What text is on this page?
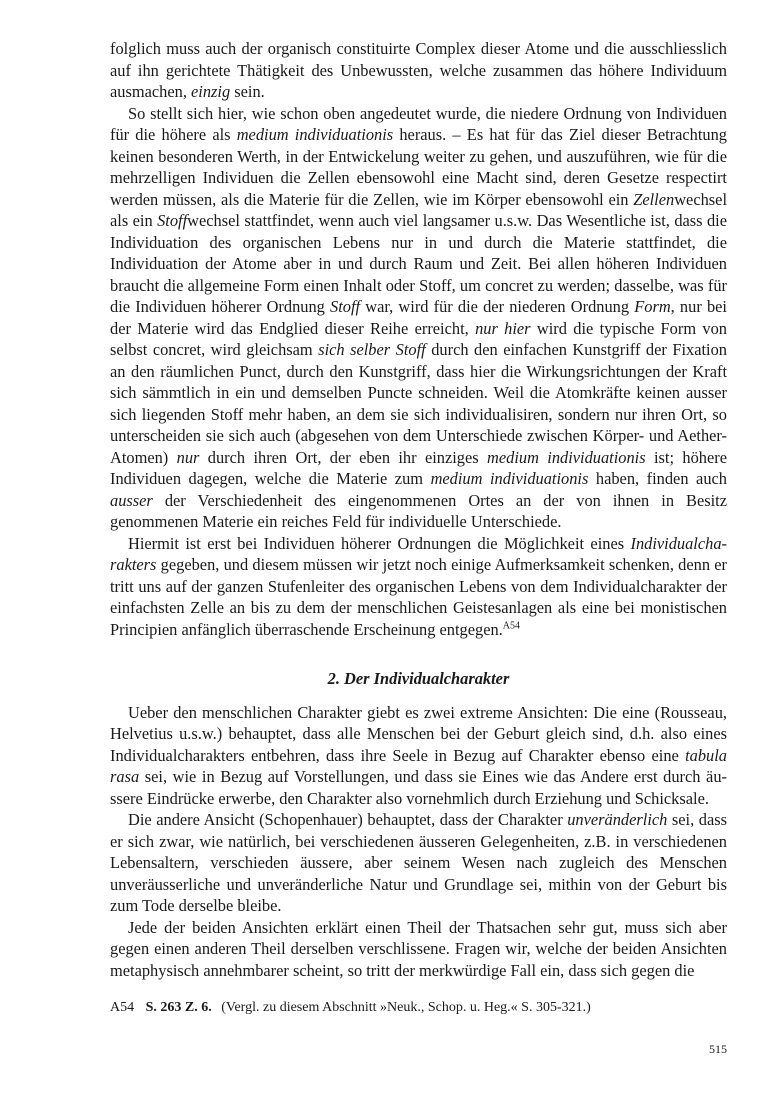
folglich muss auch der organisch constituirte Complex dieser Atome und die ausschliesslich auf ihn gerichtete Thätigkeit des Unbewussten, welche zusammen das höhere Individuum ausmachen, einzig sein.

So stellt sich hier, wie schon oben angedeutet wurde, die niedere Ordnung von Individuen für die höhere als medium individuationis heraus. – Es hat für das Ziel dieser Betrachtung keinen besonderen Werth, in der Entwickelung weiter zu gehen, und auszuführen, wie für die mehrzelligen Individuen die Zellen ebensowohl eine Macht sind, deren Gesetze respectirt werden müssen, als die Materie für die Zellen, wie im Körper ebensowohl ein Zellenwechsel als ein Stoffwechsel stattfindet, wenn auch viel langsamer u.s.w. Das Wesentliche ist, dass die Individuation des organischen Lebens nur in und durch die Materie stattfindet, die Individuation der Atome aber in und durch Raum und Zeit. Bei allen höheren Individuen braucht die allgemeine Form einen Inhalt oder Stoff, um concret zu werden; dasselbe, was für die Individuen höherer Ordnung Stoff war, wird für die der niederen Ordnung Form, nur bei der Materie wird das Endglied dieser Reihe erreicht, nur hier wird die typische Form von selbst concret, wird gleichsam sich selber Stoff durch den einfachen Kunstgriff der Fixation an den räumlichen Punct, durch den Kunstgriff, dass hier die Wirkungsrichtungen der Kraft sich sämmtlich in ein und demselben Puncte schneiden. Weil die Atomkräfte keinen ausser sich liegenden Stoff mehr haben, an dem sie sich individualisiren, sondern nur ihren Ort, so unterscheiden sie sich auch (abgesehen von dem Unterschiede zwischen Körper- und Aether-Atomen) nur durch ihren Ort, der eben ihr einziges medium individuationis ist; höhere Individuen dagegen, welche die Materie zum medium individuationis haben, finden auch ausser der Verschiedenheit des eingenommenen Ortes an der von ihnen in Besitz genommenen Materie ein reiches Feld für individuelle Unterschiede.

Hiermit ist erst bei Individuen höherer Ordnungen die Möglichkeit eines Individualcharakters gegeben, und diesem müssen wir jetzt noch einige Aufmerksamkeit schenken, denn er tritt uns auf der ganzen Stufenleiter des organischen Lebens von dem Individualcharakter der einfachsten Zelle an bis zu dem der menschlichen Geistesanlagen als eine bei monistischen Principien anfänglich überraschende Erscheinung entgegen.$^{A54}$

2. Der Individualcharakter

Ueber den menschlichen Charakter giebt es zwei extreme Ansichten: Die eine (Rousseau, Helvetius u.s.w.) behauptet, dass alle Menschen bei der Geburt gleich sind, d.h. also eines Individualcharakters entbehren, dass ihre Seele in Bezug auf Charakter ebenso eine tabula rasa sei, wie in Bezug auf Vorstellungen, und dass sie Eines wie das Andere erst durch äussere Eindrücke erwerbe, den Charakter also vornehmlich durch Erziehung und Schicksale.

Die andere Ansicht (Schopenhauer) behauptet, dass der Charakter unveränderlich sei, dass er sich zwar, wie natürlich, bei verschiedenen äusseren Gelegenheiten, z.B. in verschiedenen Lebensaltern, verschieden äussere, aber seinem Wesen nach zugleich des Menschen unveräusserliche und unveränderliche Natur und Grundlage sei, mithin von der Geburt bis zum Tode derselbe bleibe.

Jede der beiden Ansichten erklärt einen Theil der Thatsachen sehr gut, muss sich aber gegen einen anderen Theil derselben verschlissene. Fragen wir, welche der beiden Ansichten metaphysisch annehmbarer scheint, so tritt der merkwürdige Fall ein, dass sich gegen die

A54 S. 263 Z. 6. (Vergl. zu diesem Abschnitt »Neuk., Schop. u. Heg.« S. 305-321.)
515
